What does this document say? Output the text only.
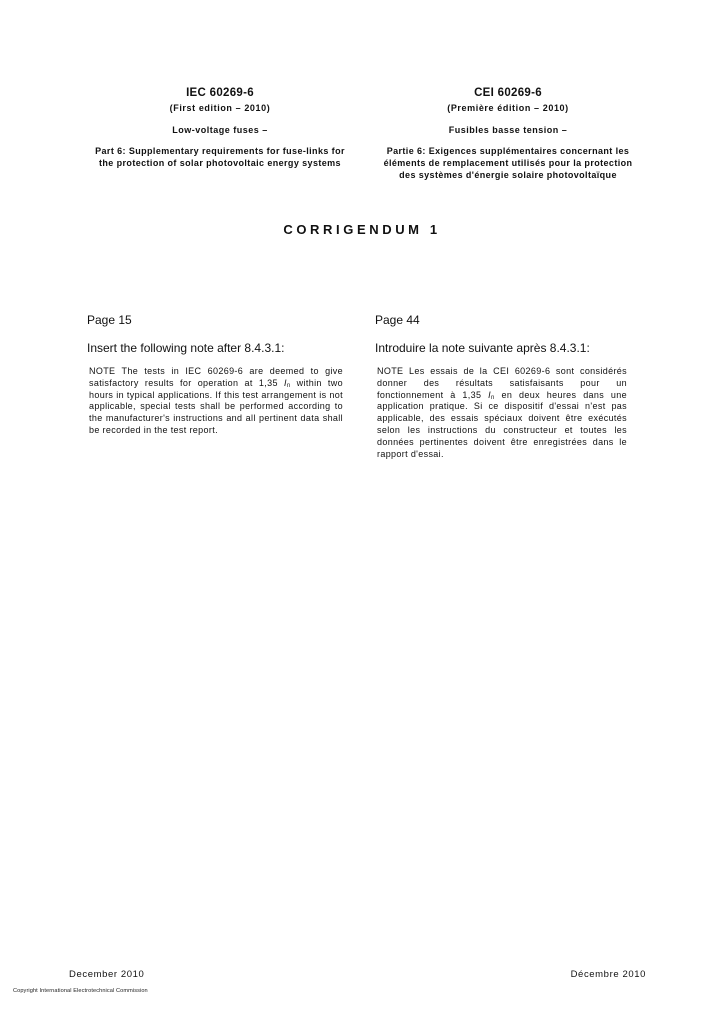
IEC 60269-6
(First edition – 2010)
Low-voltage fuses –
Part 6: Supplementary requirements for fuse-links for the protection of solar photovoltaic energy systems
CEI 60269-6
(Première édition – 2010)
Fusibles basse tension –
Partie 6: Exigences supplémentaires concernant les éléments de remplacement utilisés pour la protection des systèmes d'énergie solaire photovoltaïque
CORRIGENDUM 1
Page 15
Insert the following note after 8.4.3.1:
NOTE The tests in IEC 60269-6 are deemed to give satisfactory results for operation at 1,35 $I_n$ within two hours in typical applications. If this test arrangement is not applicable, special tests shall be performed according to the manufacturer's instructions and all pertinent data shall be recorded in the test report.
Page 44
Introduire la note suivante après 8.4.3.1:
NOTE Les essais de la CEI 60269-6 sont considérés donner des résultats satisfaisants pour un fonctionnement à 1,35 $I_n$ en deux heures dans une application pratique. Si ce dispositif d'essai n'est pas applicable, des essais spéciaux doivent être exécutés selon les instructions du constructeur et toutes les données pertinentes doivent être enregistrées dans le rapport d'essai.
December 2010	Décembre 2010
Copyright International Electrotechnical Commission
